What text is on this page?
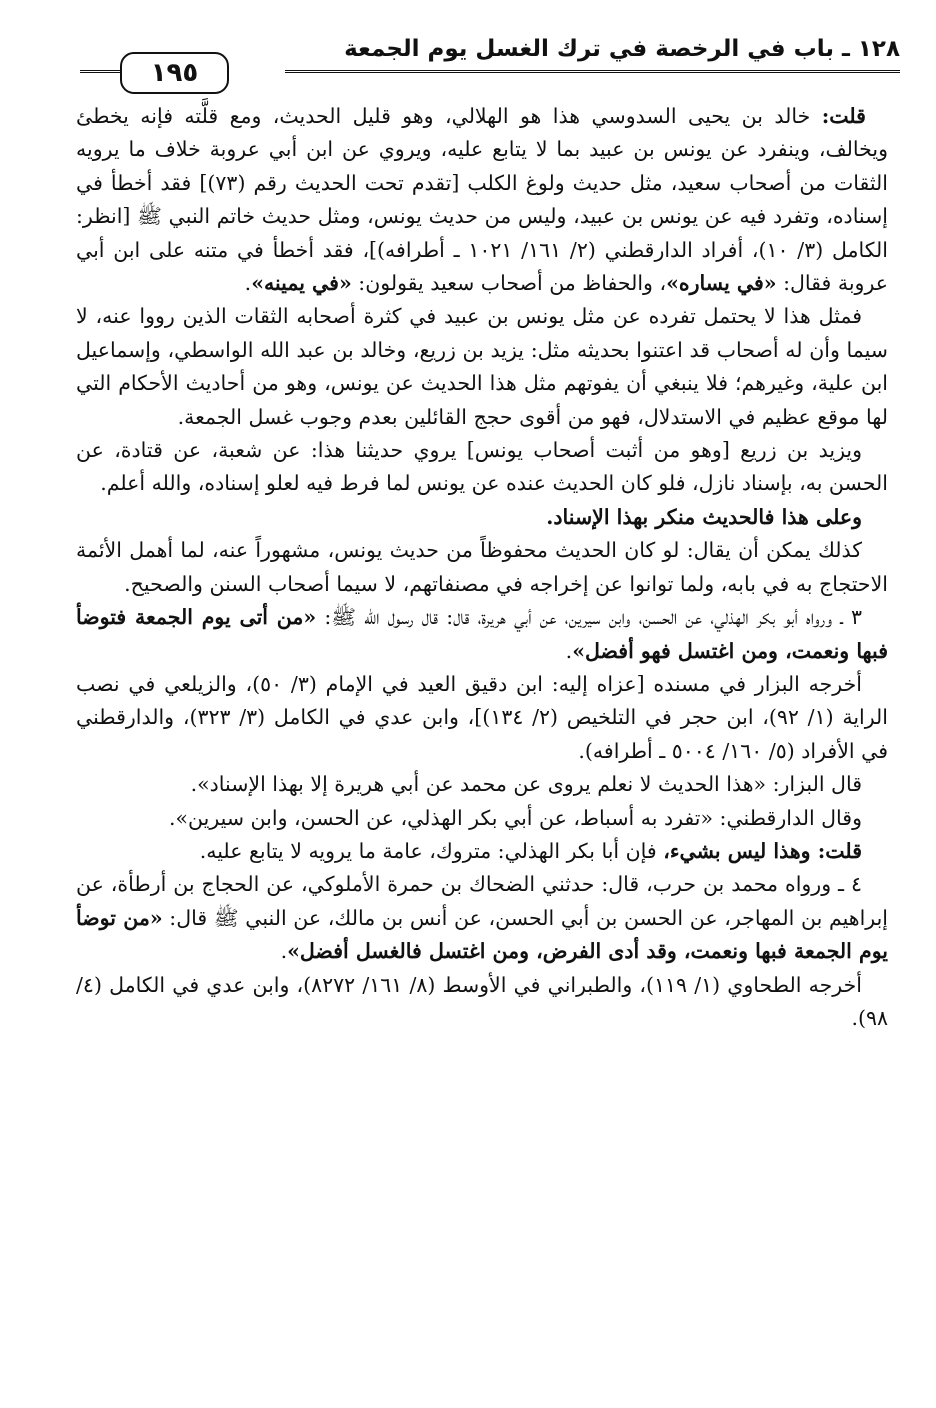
١٢٨ ـ باب في الرخصة في ترك الغسل يوم الجمعة
١٩٥

قلت: خالد بن يحيى السدوسي هذا هو الهلالي، وهو قليل الحديث، ومع قلَّته فإنه يخطئ ويخالف، وينفرد عن يونس بن عبيد بما لا يتابع عليه، ويروي عن ابن أبي عروبة خلاف ما يرويه الثقات من أصحاب سعيد، مثل حديث ولوغ الكلب [تقدم تحت الحديث رقم (٧٣)] فقد أخطأ في إسناده، وتفرد فيه عن يونس بن عبيد، وليس من حديث يونس، ومثل حديث خاتم النبي ﷺ [انظر: الكامل (٣/ ١٠)، أفراد الدارقطني (٢/ ١٦١/ ١٠٢١ ـ أطرافه)]، فقد أخطأ في متنه على ابن أبي عروبة فقال: «في يساره»، والحفاظ من أصحاب سعيد يقولون: «في يمينه».

فمثل هذا لا يحتمل تفرده عن مثل يونس بن عبيد في كثرة أصحابه الثقات الذين رووا عنه، لا سيما وأن له أصحاب قد اعتنوا بحديثه مثل: يزيد بن زريع، وخالد بن عبد الله الواسطي، وإسماعيل ابن علية، وغيرهم؛ فلا ينبغي أن يفوتهم مثل هذا الحديث عن يونس، وهو من أحاديث الأحكام التي لها موقع عظيم في الاستدلال، فهو من أقوى حجج القائلين بعدم وجوب غسل الجمعة.

ويزيد بن زريع [وهو من أثبت أصحاب يونس] يروي حديثنا هذا: عن شعبة، عن قتادة، عن الحسن به، بإسناد نازل، فلو كان الحديث عنده عن يونس لما فرط فيه لعلو إسناده، والله أعلم.

وعلى هذا فالحديث منكر بهذا الإسناد.

كذلك يمكن أن يقال: لو كان الحديث محفوظاً من حديث يونس، مشهوراً عنه، لما أهمل الأئمة الاحتجاج به في بابه، ولما توانوا عن إخراجه في مصنفاتهم، لا سيما أصحاب السنن والصحيح.

٣ ـ ورواه أبو بكر الهذلي، عن الحسن، وابن سيرين، عن أبي هريرة، قال: قال رسول الله ﷺ: «من أتى يوم الجمعة فتوضأ فبها ونعمت، ومن اغتسل فهو أفضل».

أخرجه البزار في مسنده [عزاه إليه: ابن دقيق العيد في الإمام (٣/ ٥٠)، والزيلعي في نصب الراية (١/ ٩٢)، ابن حجر في التلخيص (٢/ ١٣٤)]، وابن عدي في الكامل (٣/ ٣٢٣)، والدارقطني في الأفراد (٥/ ١٦٠/ ٥٠٠٤ ـ أطرافه).

قال البزار: «هذا الحديث لا نعلم يروى عن محمد عن أبي هريرة إلا بهذا الإسناد».

وقال الدارقطني: «تفرد به أسباط، عن أبي بكر الهذلي، عن الحسن، وابن سيرين».

قلت: وهذا ليس بشيء، فإن أبا بكر الهذلي: متروك، عامة ما يرويه لا يتابع عليه.

٤ ـ ورواه محمد بن حرب، قال: حدثني الضحاك بن حمرة الأملوكي، عن الحجاج بن أرطأة، عن إبراهيم بن المهاجر، عن الحسن بن أبي الحسن، عن أنس بن مالك، عن النبي ﷺ قال: «من توضأ يوم الجمعة فبها ونعمت، وقد أدى الفرض، ومن اغتسل فالغسل أفضل».

أخرجه الطحاوي (١/ ١١٩)، والطبراني في الأوسط (٨/ ١٦١/ ٨٢٧٢)، وابن عدي في الكامل (٤/ ٩٨).
